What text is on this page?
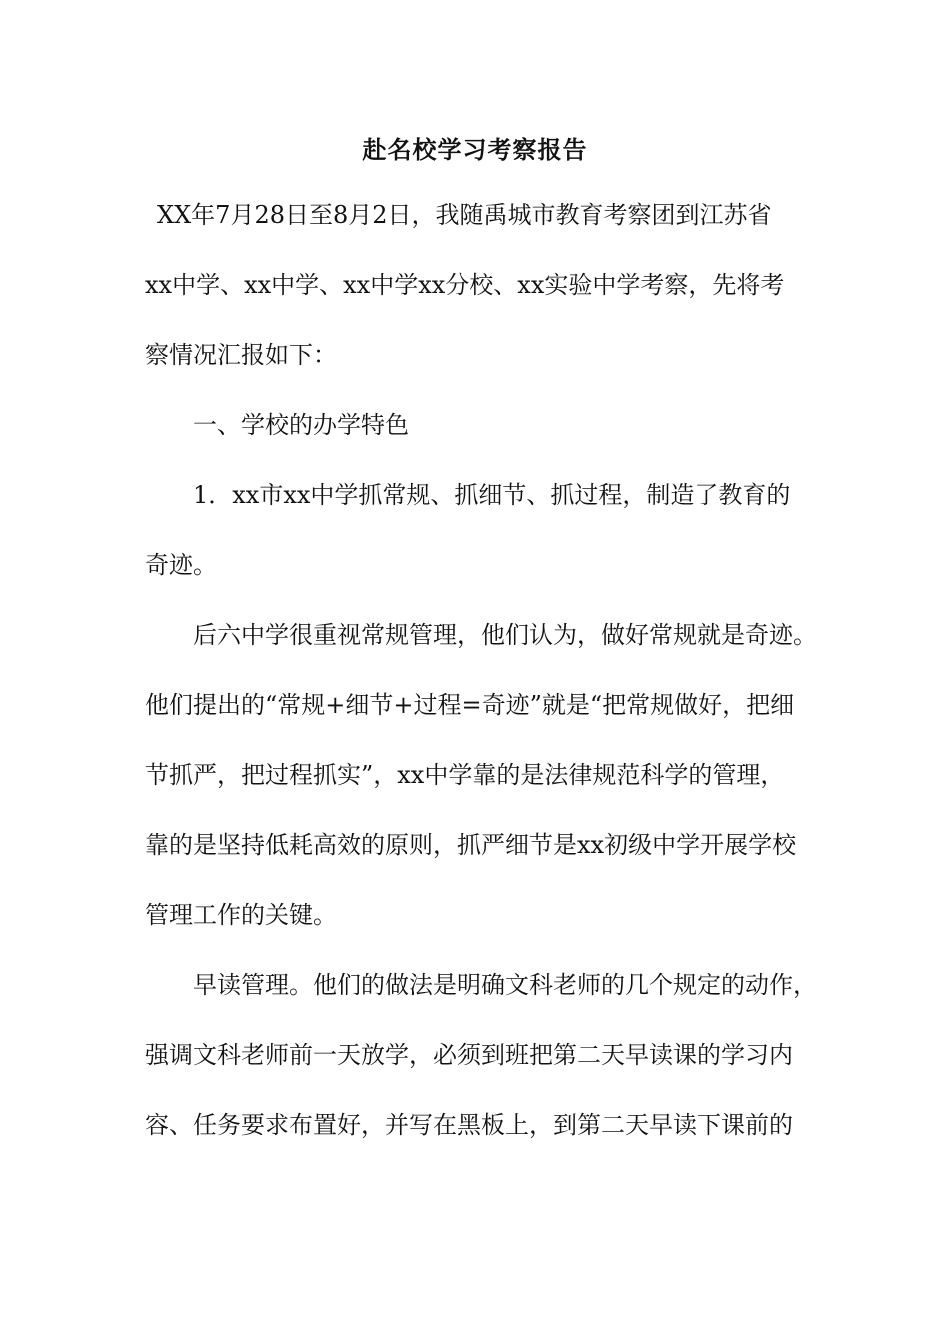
赴名校学习考察报告
XX年7月28日至8月2日，我随禹城市教育考察团到江苏省
xx中学、xx中学、xx中学xx分校、xx实验中学考察，先将考
察情况汇报如下：
一、学校的办学特色
1．xx市xx中学抓常规、抓细节、抓过程，制造了教育的
奇迹。
后六中学很重视常规管理，他们认为，做好常规就是奇迹。
他们提出的“常规+细节+过程=奇迹”就是“把常规做好，把细
节抓严，把过程抓实”，xx中学靠的是法律规范科学的管理，
靠的是坚持低耗高效的原则，抓严细节是xx初级中学开展学校
管理工作的关键。
早读管理。他们的做法是明确文科老师的几个规定的动作，
强调文科老师前一天放学，必须到班把第二天早读课的学习内
容、任务要求布置好，并写在黑板上，到第二天早读下课前的
